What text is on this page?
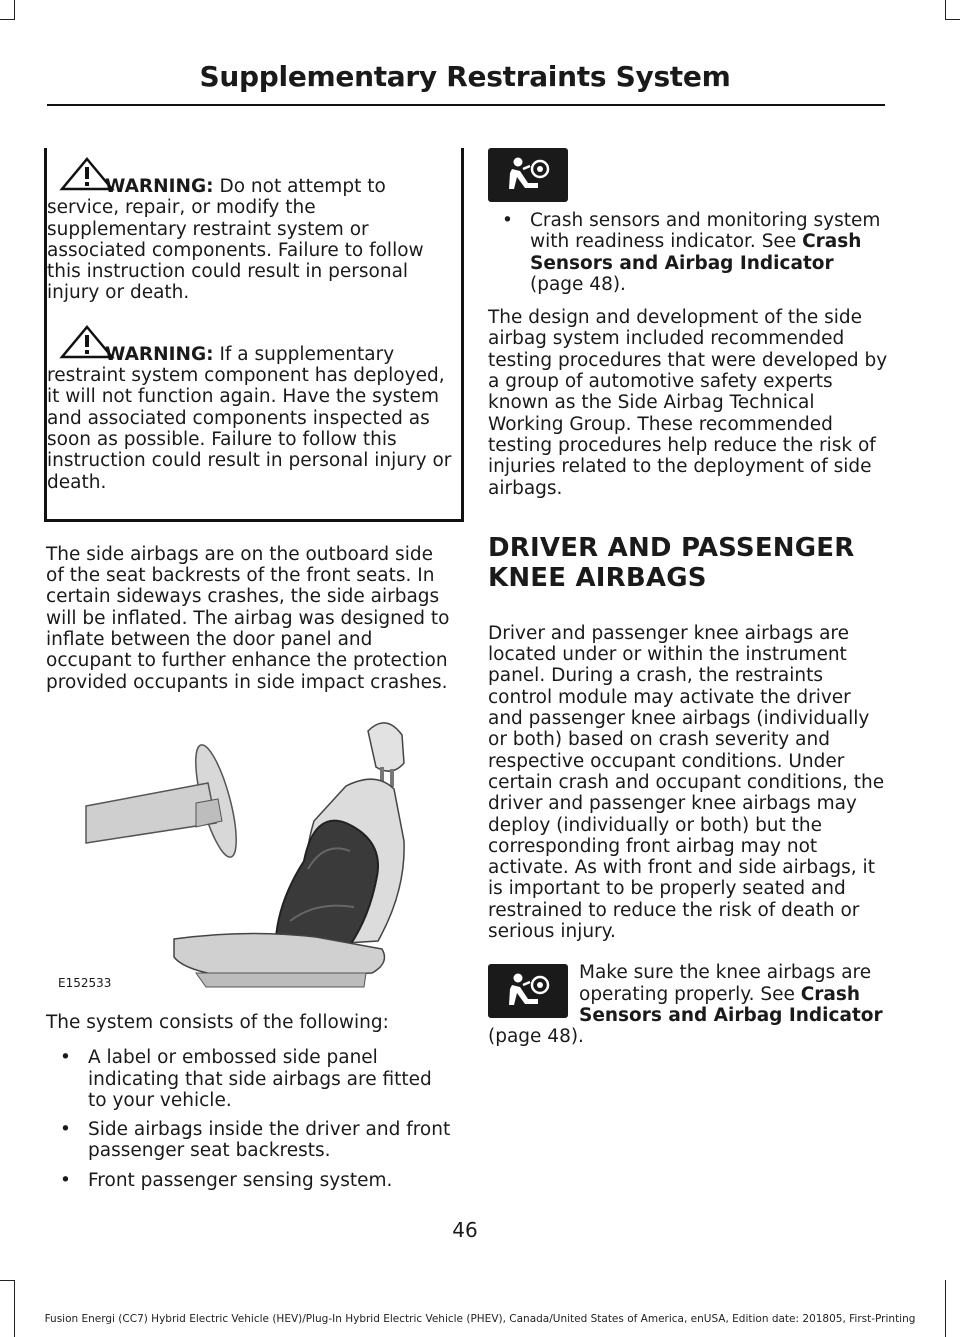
Supplementary Restraints System

WARNING: Do not attempt to service, repair, or modify the supplementary restraint system or associated components. Failure to follow this instruction could result in personal injury or death.

WARNING: If a supplementary restraint system component has deployed, it will not function again. Have the system and associated components inspected as soon as possible. Failure to follow this instruction could result in personal injury or death.

The side airbags are on the outboard side of the seat backrests of the front seats. In certain sideways crashes, the side airbags will be inflated. The airbag was designed to inflate between the door panel and occupant to further enhance the protection provided occupants in side impact crashes.

E152533

The system consists of the following:

• A label or embossed side panel indicating that side airbags are fitted to your vehicle.
• Side airbags inside the driver and front passenger seat backrests.
• Front passenger sensing system.
• Crash sensors and monitoring system with readiness indicator. See Crash Sensors and Airbag Indicator (page 48).

The design and development of the side airbag system included recommended testing procedures that were developed by a group of automotive safety experts known as the Side Airbag Technical Working Group. These recommended testing procedures help reduce the risk of injuries related to the deployment of side airbags.

DRIVER AND PASSENGER
KNEE AIRBAGS

Driver and passenger knee airbags are located under or within the instrument panel. During a crash, the restraints control module may activate the driver and passenger knee airbags (individually or both) based on crash severity and respective occupant conditions. Under certain crash and occupant conditions, the driver and passenger knee airbags may deploy (individually or both) but the corresponding front airbag may not activate. As with front and side airbags, it is important to be properly seated and restrained to reduce the risk of death or serious injury.

Make sure the knee airbags are operating properly. See Crash Sensors and Airbag Indicator

(page 48).

46
Fusion Energi (CC7) Hybrid Electric Vehicle (HEV)/Plug-In Hybrid Electric Vehicle (PHEV), Canada/United States of America, enUSA, Edition date: 201805, First-Printing
